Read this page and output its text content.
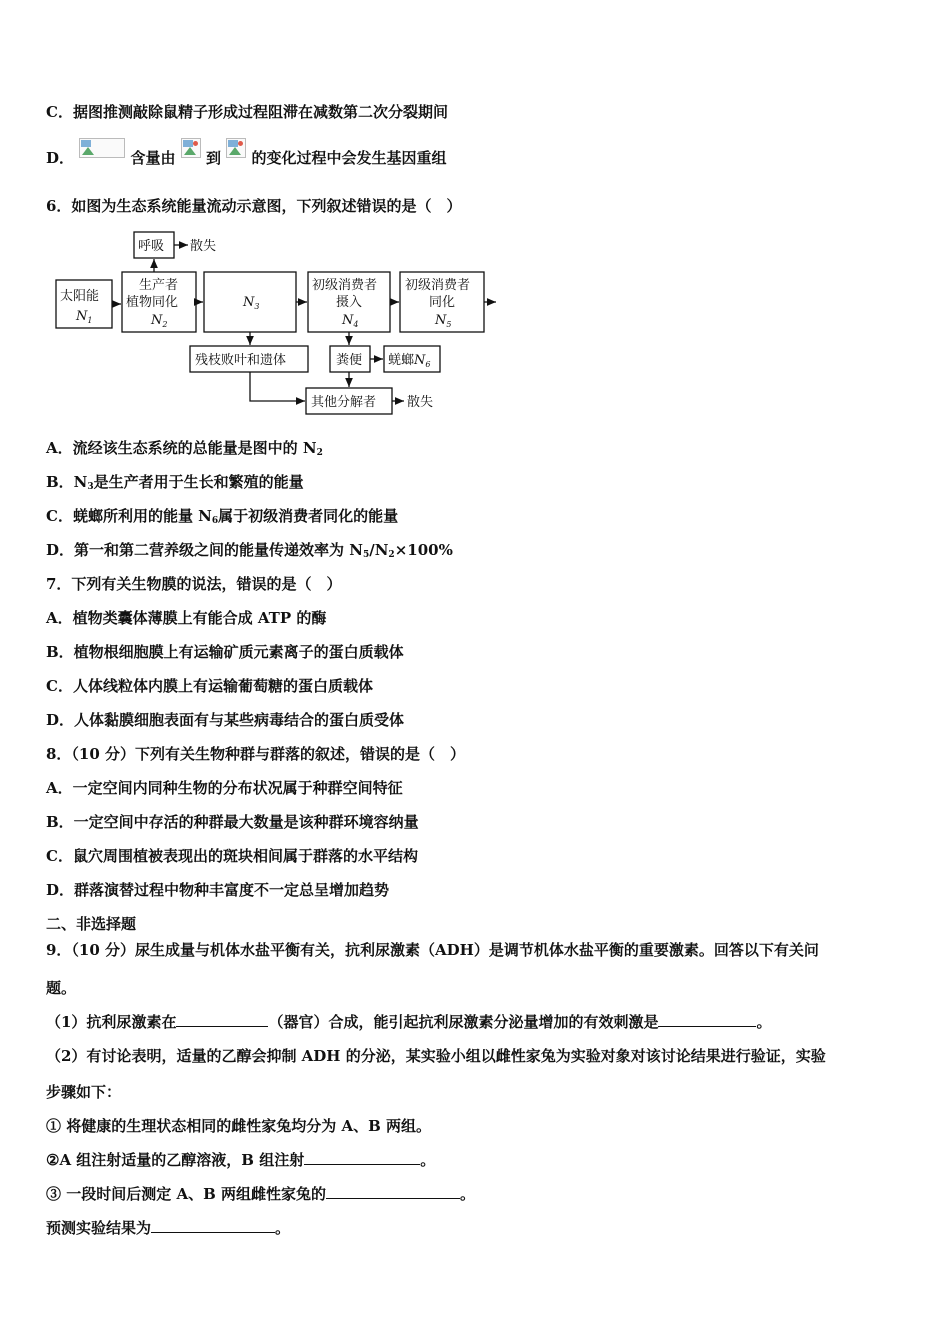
C．据图推测敲除鼠精子形成过程阻滞在减数第二次分裂期间
D．	含量由 到 的变化过程中会发生基因重组
6．如图为生态系统能量流动示意图，下列叙述错误的是（　）
呼吸 散失
太阳能
$N_1$
生产者
植物同化
$N_2$
$N_3$
初级消费者
摄入
$N_4$
初级消费者
同化
$N_5$
残枝败叶和遗体	粪便 蜣螂$N_6$
其他分解者 散失
A．流经该生态系统的总能量是图中的 $N_2$
B．$N_3$是生产者用于生长和繁殖的能量
C．蜣螂所利用的能量 $N_6$属于初级消费者同化的能量
D．第一和第二营养级之间的能量传递效率为 $N_5/N_2\times 100\%$
7．下列有关生物膜的说法，错误的是（　）
A．植物类囊体薄膜上有能合成 ATP 的酶
B．植物根细胞膜上有运输矿质元素离子的蛋白质载体
C．人体线粒体内膜上有运输葡萄糖的蛋白质载体
D．人体黏膜细胞表面有与某些病毒结合的蛋白质受体
8．（10 分）下列有关生物种群与群落的叙述，错误的是（　）
A．一定空间内同种生物的分布状况属于种群空间特征
B．一定空间中存活的种群最大数量是该种群环境容纳量
C．鼠穴周围植被表现出的斑块相间属于群落的水平结构
D．群落演替过程中物种丰富度不一定总呈增加趋势
二、非选择题
9．（10 分）尿生成量与机体水盐平衡有关，抗利尿激素（ADH）是调节机体水盐平衡的重要激素。回答以下有关问
题。
（1）抗利尿激素在	（器官）合成，能引起抗利尿激素分泌量增加的有效刺激是	。
（2）有讨论表明，适量的乙醇会抑制 ADH 的分泌，某实验小组以雌性家兔为实验对象对该讨论结果进行验证，实验
步骤如下：
① 将健康的生理状态相同的雌性家兔均分为 A、B 两组。
②A 组注射适量的乙醇溶液，B 组注射	。
③ 一段时间后测定 A、B 两组雌性家兔的	。
预测实验结果为	。
